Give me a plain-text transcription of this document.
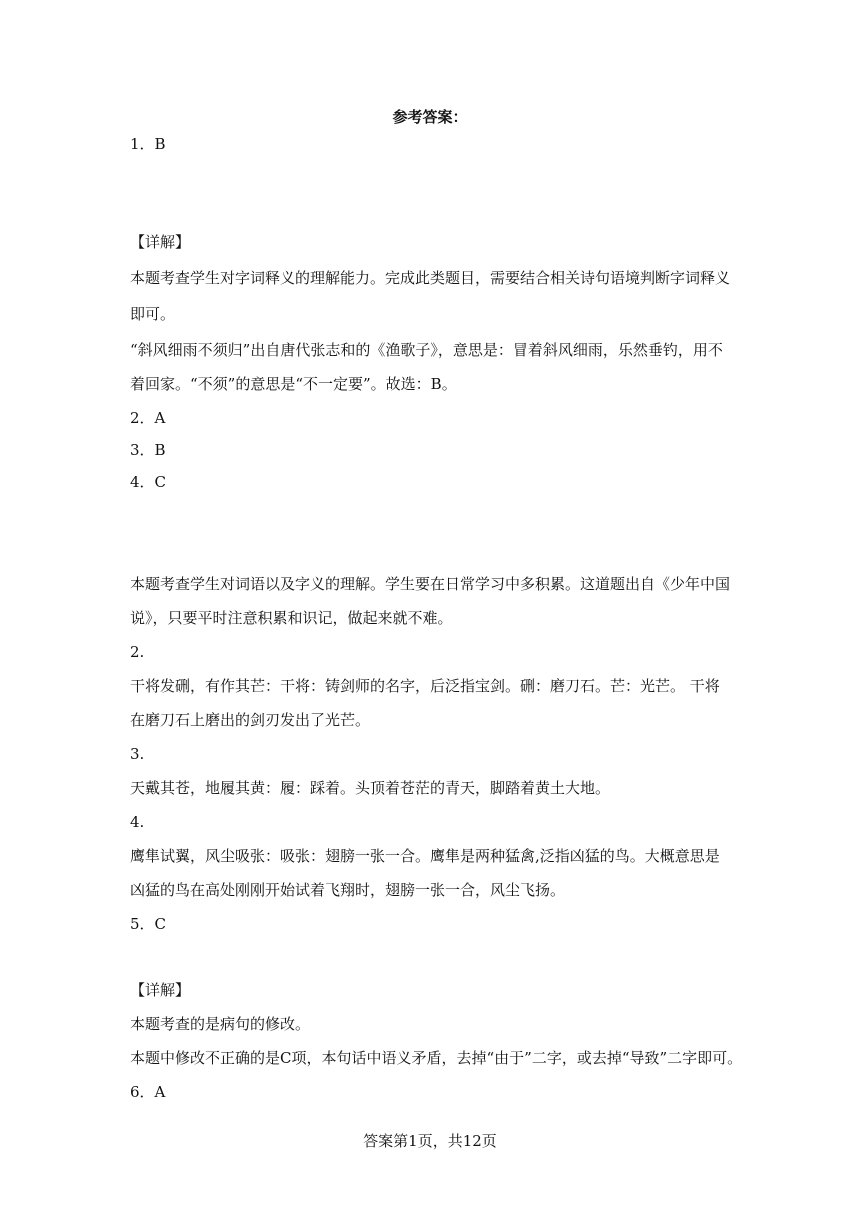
参考答案：
1．B
【详解】
本题考查学生对字词释义的理解能力。完成此类题目，需要结合相关诗句语境判断字词释义
即可。
“斜风细雨不须归”出自唐代张志和的《渔歌子》，意思是：冒着斜风细雨，乐然垂钓，用不
着回家。“不须”的意思是“不一定要”。故选：B。
2．A
3．B
4．C
本题考查学生对词语以及字义的理解。学生要在日常学习中多积累。这道题出自《少年中国
说》，只要平时注意积累和识记，做起来就不难。
2.
干将发硎，有作其芒：干将：铸剑师的名字，后泛指宝剑。硎：磨刀石。芒：光芒。 干将
在磨刀石上磨出的剑刃发出了光芒。
3.
天戴其苍，地履其黄：履：踩着。头顶着苍茫的青天，脚踏着黄土大地。
4.
鹰隼试翼，风尘吸张：吸张：翅膀一张一合。鹰隼是两种猛禽,泛指凶猛的鸟。大概意思是
凶猛的鸟在高处刚刚开始试着飞翔时，翅膀一张一合，风尘飞扬。
5．C
【详解】
本题考查的是病句的修改。
本题中修改不正确的是C项，本句话中语义矛盾，去掉“由于”二字，或去掉“导致”二字即可。
6．A
答案第1页，共12页
